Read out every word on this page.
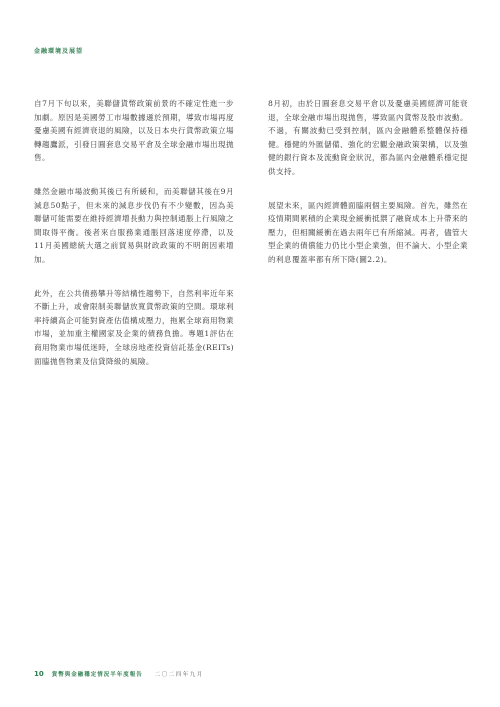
金融環境及展望

自7月下旬以來，美聯儲貨幣政策前景的不確定性進一步加劇。原因是美國勞工市場數據遜於預期，導致市場再度憂慮美國有經濟衰退的風險，以及日本央行貨幣政策立場轉趨鷹派，引發日圓套息交易平倉及全球金融市場出現拋售。

雖然金融市場波動其後已有所緩和，而美聯儲其後在9月減息50點子，但未來的減息步伐仍有不少變數，因為美聯儲可能需要在維持經濟增長動力與控制通脹上行風險之間取得平衡。後者來自服務業通脹回落速度停滯，以及11月美國總統大選之前貿易與財政政策的不明朗因素增加。

此外，在公共債務攀升等結構性趨勢下，自然利率近年來不斷上升，或會限制美聯儲放寬貨幣政策的空間。環球利率持續高企可能對資產估值構成壓力，拖累全球商用物業市場，並加重主權國家及企業的債務負擔。專題1評估在商用物業市場低迷時，全球房地產投資信託基金(REITs)面臨拋售物業及信貸降級的風險。

8月初，由於日圓套息交易平倉以及憂慮美國經濟可能衰退，全球金融市場出現拋售，導致區內貨幣及股市波動。不過，有關波動已受到控制，區內金融體系整體保持穩健。穩健的外匯儲備、強化的宏觀金融政策架構，以及強健的銀行資本及流動資金狀況，都為區內金融體系穩定提供支持。

展望未來，區內經濟體面臨兩個主要風險。首先，雖然在疫情期間累積的企業現金緩衝抵禦了融資成本上升帶來的壓力，但相關緩衝在過去兩年已有所縮減。再者，儘管大型企業的債償能力仍比小型企業強，但不論大、小型企業的利息覆蓋率都有所下降(圖2.2)。

10 貨幣與金融穩定情況半年度報告 二〇二四年九月
